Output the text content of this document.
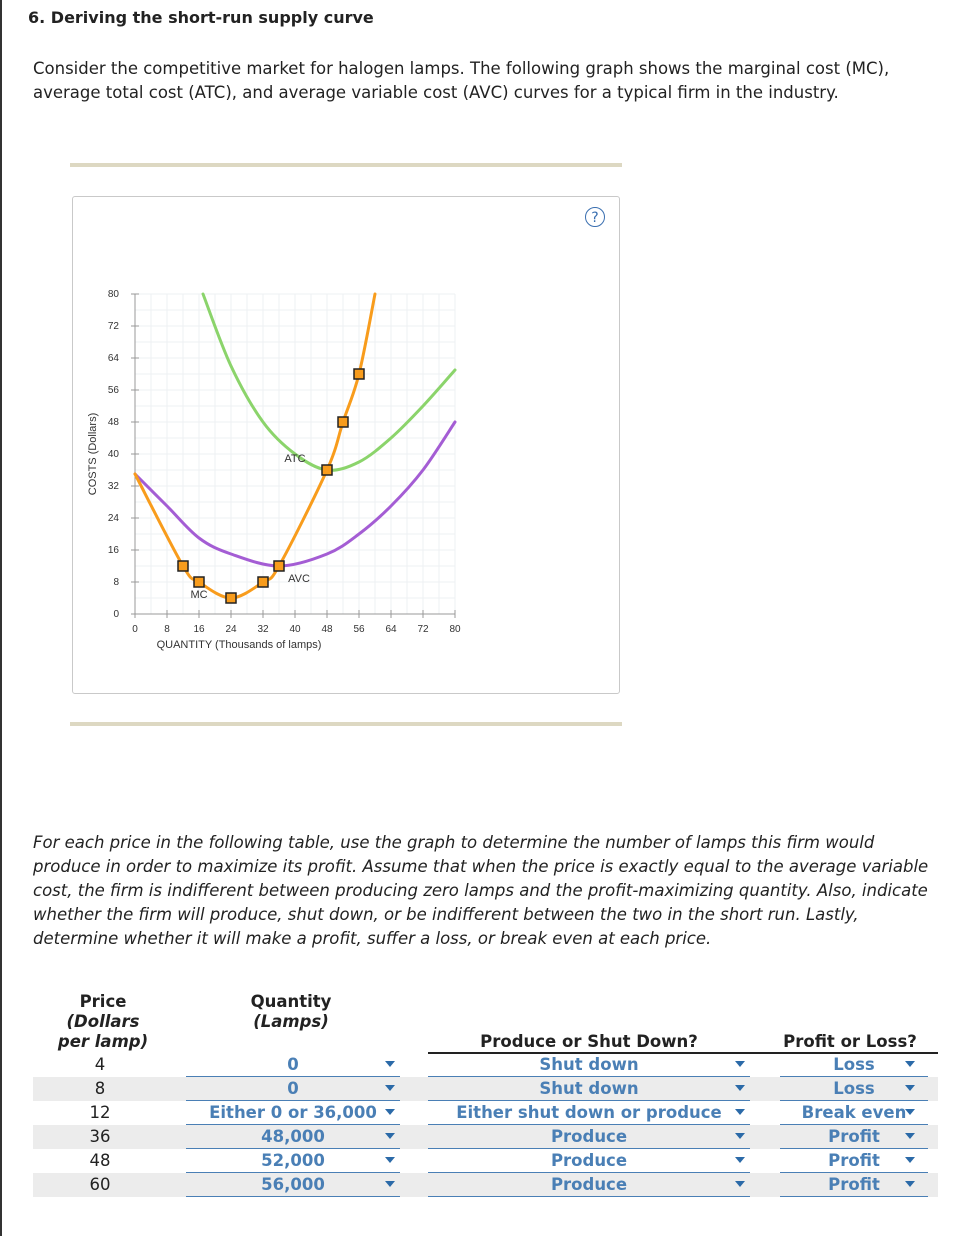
6. Deriving the short-run supply curve
Consider the competitive market for halogen lamps. The following graph shows the marginal cost (MC), average total cost (ATC), and average variable cost (AVC) curves for a typical firm in the industry.
?
0
8
16
24
32
40
48
56
64
72
80
0	8 16 24 32 40 48 56 64 72 80
COSTS (Dollars)
QUANTITY (Thousands of lamps)
MC
ATC
AVC
For each price in the following table, use the graph to determine the number of lamps this firm would produce in order to maximize its profit. Assume that when the price is exactly equal to the average variable cost, the firm is indifferent between producing zero lamps and the profit-maximizing quantity. Also, indicate whether the firm will produce, shut down, or be indifferent between the two in the short run. Lastly, determine whether it will make a profit, suffer a loss, or break even at each price.
Price
(Dollars
per lamp)
Quantity
(Lamps)
Produce or Shut Down?	Profit or Loss?
4	0	Shut down	Loss
8	0	Shut down	Loss
12	Either 0 or 36,000	Either shut down or produce	Break even
36	48,000	Produce	Profit
48	52,000	Produce	Profit
60	56,000	Produce	Profit
